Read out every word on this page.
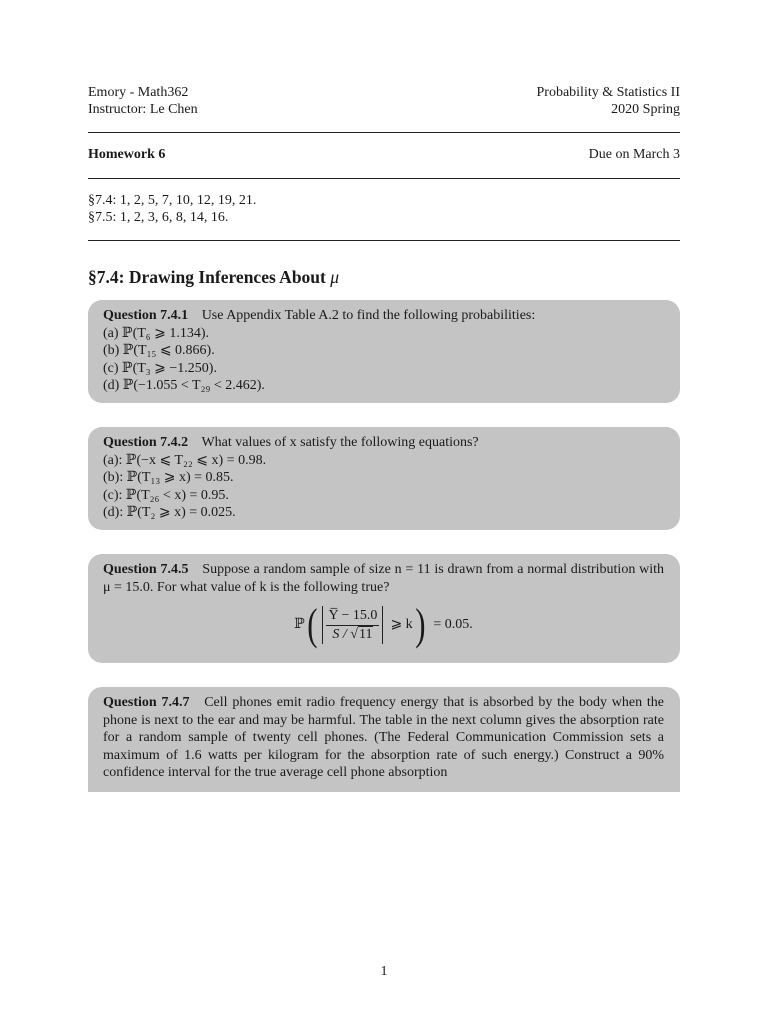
Emory - Math362	Probability & Statistics II
Instructor: Le Chen	2020 Spring
Homework 6	Due on March 3
§7.4: 1, 2, 5, 7, 10, 12, 19, 21.
§7.5: 1, 2, 3, 6, 8, 14, 16.
§7.4: Drawing Inferences About μ
Question 7.4.1 Use Appendix Table A.2 to find the following probabilities:
(a) ℙ(T₆ ⩾ 1.134).
(b) ℙ(T₁₅ ⩽ 0.866).
(c) ℙ(T₃ ⩾ −1.250).
(d) ℙ(−1.055 < T₂₉ < 2.462).
Question 7.4.2 What values of x satisfy the following equations?
(a): ℙ(−x ⩽ T₂₂ ⩽ x) = 0.98.
(b): ℙ(T₁₃ ⩾ x) = 0.85.
(c): ℙ(T₂₆ < x) = 0.95.
(d): ℙ(T₂ ⩾ x) = 0.025.
Question 7.4.5 Suppose a random sample of size n = 11 is drawn from a normal distribution with μ = 15.0. For what value of k is the following true?
ℙ ( $\frac{Y̅ - 15.0}{S / √11}$ ⩾ k ) = 0.05.
Question 7.4.7 Cell phones emit radio frequency energy that is absorbed by the body when the phone is next to the ear and may be harmful. The table in the next column gives the absorption rate for a random sample of twenty cell phones. (The Federal Communication Commission sets a maximum of 1.6 watts per kilogram for the absorption rate of such energy.) Construct a 90% confidence interval for the true average cell phone absorption
1
